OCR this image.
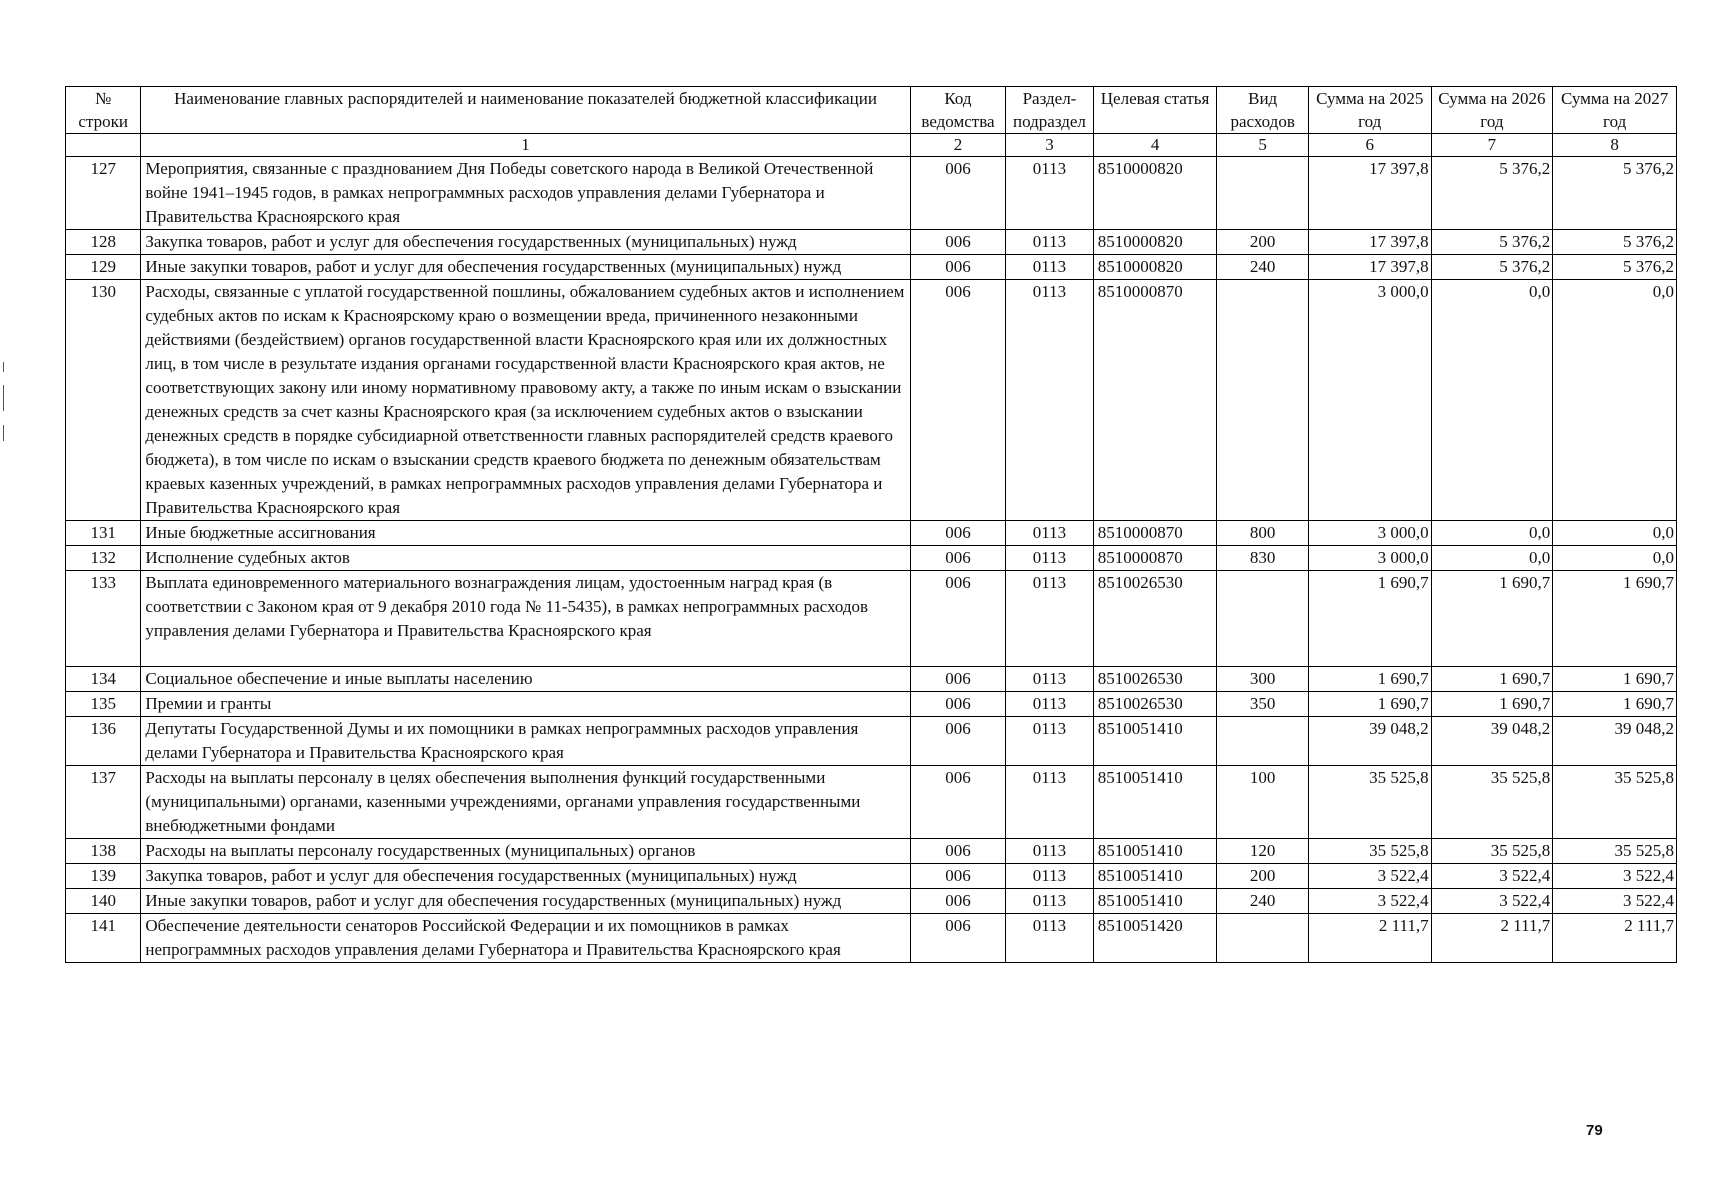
№ строки	Наименование главных распорядителей и наименование показателей бюджетной классификации	Код ведомства	Раздел-подраздел	Целевая статья	Вид расходов	Сумма на 2025 год	Сумма на 2026 год	Сумма на 2027 год
	1	2	3	4	5	6	7	8
127	Мероприятия, связанные с празднованием Дня Победы советского народа в Великой Отечественной войне 1941–1945 годов, в рамках непрограммных расходов управления делами Губернатора и Правительства Красноярского края	006	0113	8510000820		17 397,8	5 376,2	5 376,2
128	Закупка товаров, работ и услуг для обеспечения государственных (муниципальных) нужд	006	0113	8510000820	200	17 397,8	5 376,2	5 376,2
129	Иные закупки товаров, работ и услуг для обеспечения государственных (муниципальных) нужд	006	0113	8510000820	240	17 397,8	5 376,2	5 376,2
130	Расходы, связанные с уплатой государственной пошлины, обжалованием судебных актов и исполнением судебных актов по искам к Красноярскому краю о возмещении вреда, причиненного незаконными действиями (бездействием) органов государственной власти Красноярского края или их должностных лиц, в том числе в результате издания органами государственной власти Красноярского края актов, не соответствующих закону или иному нормативному правовому акту, а также по иным искам о взыскании денежных средств за счет казны Красноярского края (за исключением судебных актов о взыскании денежных средств в порядке субсидиарной ответственности главных распорядителей средств краевого бюджета), в том числе по искам о взыскании средств краевого бюджета по денежным обязательствам краевых казенных учреждений, в рамках непрограммных расходов управления делами Губернатора и Правительства Красноярского края	006	0113	8510000870		3 000,0	0,0	0,0
131	Иные бюджетные ассигнования	006	0113	8510000870	800	3 000,0	0,0	0,0
132	Исполнение судебных актов	006	0113	8510000870	830	3 000,0	0,0	0,0
133	Выплата единовременного материального вознаграждения лицам, удостоенным наград края (в соответствии с Законом края от 9 декабря 2010 года № 11-5435), в рамках непрограммных расходов управления делами Губернатора и Правительства Красноярского края	006	0113	8510026530		1 690,7	1 690,7	1 690,7
134	Социальное обеспечение и иные выплаты населению	006	0113	8510026530	300	1 690,7	1 690,7	1 690,7
135	Премии и гранты	006	0113	8510026530	350	1 690,7	1 690,7	1 690,7
136	Депутаты Государственной Думы и их помощники в рамках непрограммных расходов управления делами Губернатора и Правительства Красноярского края	006	0113	8510051410		39 048,2	39 048,2	39 048,2
137	Расходы на выплаты персоналу в целях обеспечения выполнения функций государственными (муниципальными) органами, казенными учреждениями, органами управления государственными внебюджетными фондами	006	0113	8510051410	100	35 525,8	35 525,8	35 525,8
138	Расходы на выплаты персоналу государственных (муниципальных) органов	006	0113	8510051410	120	35 525,8	35 525,8	35 525,8
139	Закупка товаров, работ и услуг для обеспечения государственных (муниципальных) нужд	006	0113	8510051410	200	3 522,4	3 522,4	3 522,4
140	Иные закупки товаров, работ и услуг для обеспечения государственных (муниципальных) нужд	006	0113	8510051410	240	3 522,4	3 522,4	3 522,4
141	Обеспечение деятельности сенаторов Российской Федерации и их помощников в рамках непрограммных расходов управления делами Губернатора и Правительства Красноярского края	006	0113	8510051420		2 111,7	2 111,7	2 111,7
79
